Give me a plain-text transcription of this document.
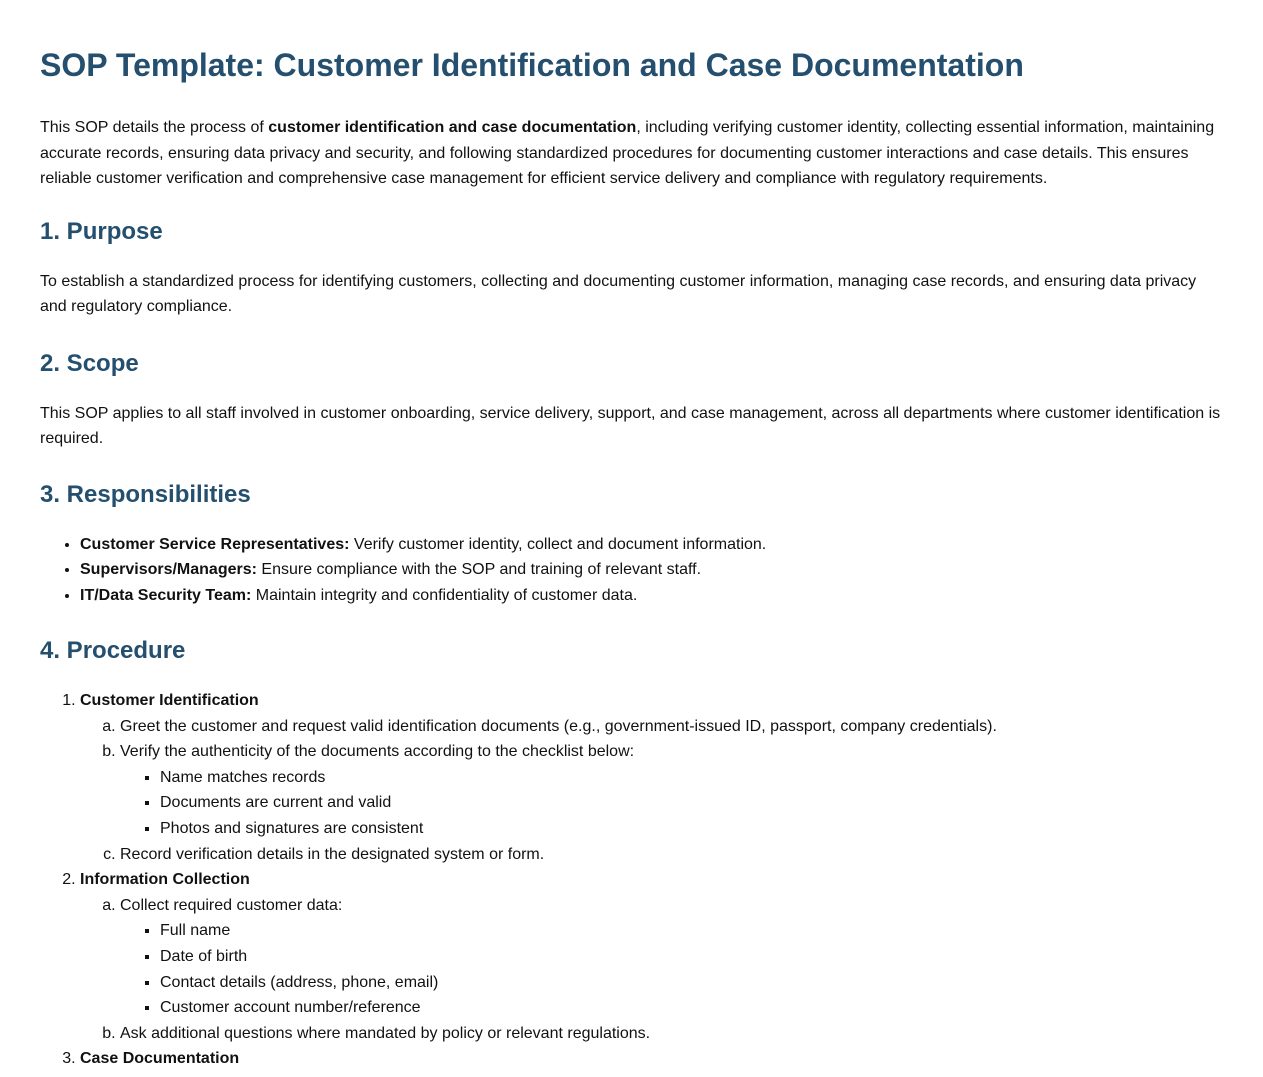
SOP Template: Customer Identification and Case Documentation

This SOP details the process of customer identification and case documentation, including verifying customer identity, collecting essential information, maintaining accurate records, ensuring data privacy and security, and following standardized procedures for documenting customer interactions and case details. This ensures reliable customer verification and comprehensive case management for efficient service delivery and compliance with regulatory requirements.

1. Purpose

To establish a standardized process for identifying customers, collecting and documenting customer information, managing case records, and ensuring data privacy and regulatory compliance.

2. Scope

This SOP applies to all staff involved in customer onboarding, service delivery, support, and case management, across all departments where customer identification is required.

3. Responsibilities
• Customer Service Representatives: Verify customer identity, collect and document information.
• Supervisors/Managers: Ensure compliance with the SOP and training of relevant staff.
• IT/Data Security Team: Maintain integrity and confidentiality of customer data.
4. Procedure
1. Customer Identification
a. Greet the customer and request valid identification documents (e.g., government-issued ID, passport, company credentials).
b. Verify the authenticity of the documents according to the checklist below:
▪ Name matches records
▪ Documents are current and valid
▪ Photos and signatures are consistent
c. Record verification details in the designated system or form.
2. Information Collection
a. Collect required customer data:
▪ Full name
▪ Date of birth
▪ Contact details (address, phone, email)
▪ Customer account number/reference
b. Ask additional questions where mandated by policy or relevant regulations.
3. Case Documentation
